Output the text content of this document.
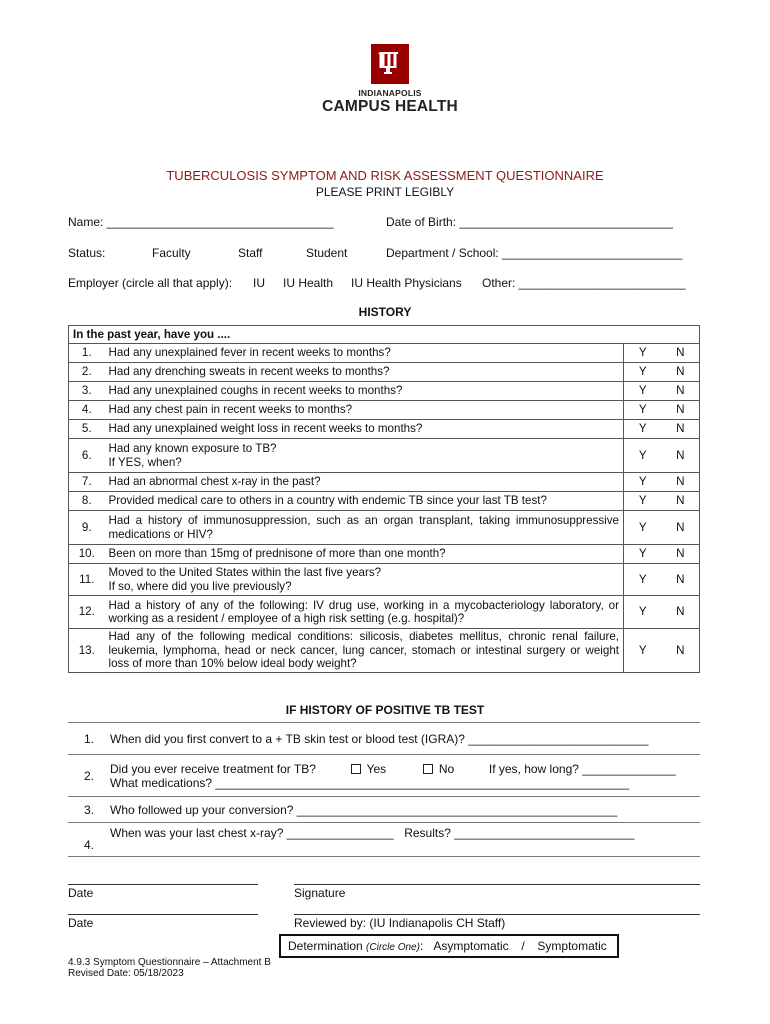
INDIANAPOLIS
CAMPUS HEALTH
TUBERCULOSIS SYMPTOM AND RISK ASSESSMENT QUESTIONNAIRE
PLEASE PRINT LEGIBLY
Name: __________________________________	Date of Birth: ________________________________
Status:	Faculty	Staff	Student	Department / School: ___________________________
Employer (circle all that apply): IU IU Health IU Health Physicians Other: _________________________
HISTORY
In the past year, have you ....			
1.	Had any unexplained fever in recent weeks to months?	Y	N
2.	Had any drenching sweats in recent weeks to months?	Y	N
3.	Had any unexplained coughs in recent weeks to months?	Y	N
4.	Had any chest pain in recent weeks to months?	Y	N
5.	Had any unexplained weight loss in recent weeks to months?	Y	N
6.	Had any known exposure to TB?
If YES, when?	Y	N
7.	Had an abnormal chest x-ray in the past?	Y	N
8.	Provided medical care to others in a country with endemic TB since your last TB test?	Y	N
9.	Had a history of immunosuppression, such as an organ transplant, taking immunosuppressive medications or HIV?	Y	N
10.	Been on more than 15mg of prednisone of more than one month?	Y	N
11.	Moved to the United States within the last five years?
If so, where did you live previously?	Y	N
12.	Had a history of any of the following: IV drug use, working in a mycobacteriology laboratory, or working as a resident / employee of a high risk setting (e.g. hospital)?	Y	N
13.	Had any of the following medical conditions: silicosis, diabetes mellitus, chronic renal failure, leukemia, lymphoma, head or neck cancer, lung cancer, stomach or intestinal surgery or weight loss of more than 10% below ideal body weight?	Y	N
IF HISTORY OF POSITIVE TB TEST
1.	When did you first convert to a + TB skin test or blood test (IGRA)? ___________________________
2.	Did you ever receive treatment for TB? Yes No If yes, how long? ______________
What medications? ______________________________________________________________

3.	Who followed up your conversion? ________________________________________________
4.	When was your last chest x-ray? ________________ Results? ___________________________
Date	Signature
Date	Reviewed by: (IU Indianapolis CH Staff)
Determination (Circle One): Asymptomatic / Symptomatic
4.9.3 Symptom Questionnaire – Attachment B
Revised Date: 05/18/2023
